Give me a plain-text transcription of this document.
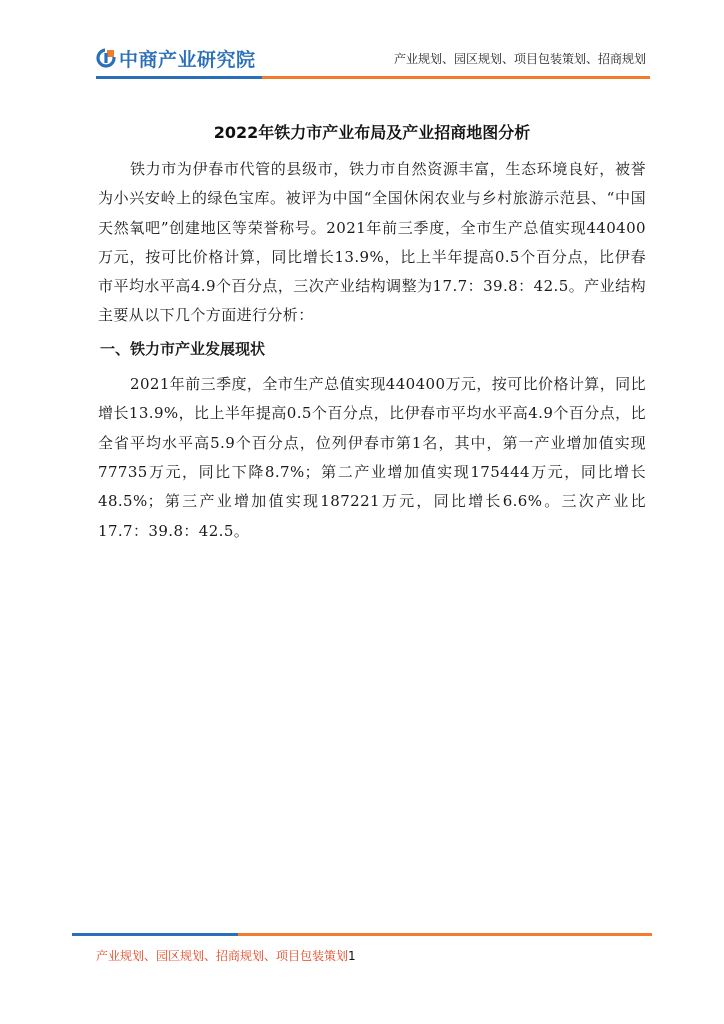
中商产业研究院	产业规划、园区规划、项目包装策划、招商规划
2022年铁力市产业布局及产业招商地图分析

铁力市为伊春市代管的县级市，铁力市自然资源丰富，生态环境良好，被誉为小兴安岭上的绿色宝库。被评为中国“全国休闲农业与乡村旅游示范县、“中国天然氧吧”创建地区等荣誉称号。2021年前三季度，全市生产总值实现440400万元，按可比价格计算，同比增长13.9%，比上半年提高0.5个百分点，比伊春市平均水平高4.9个百分点，三次产业结构调整为17.7：39.8：42.5。产业结构主要从以下几个方面进行分析：

一、铁力市产业发展现状

2021年前三季度，全市生产总值实现440400万元，按可比价格计算，同比增长13.9%，比上半年提高0.5个百分点，比伊春市平均水平高4.9个百分点，比全省平均水平高5.9个百分点，位列伊春市第1名，其中，第一产业增加值实现77735万元，同比下降8.7%；第二产业增加值实现175444万元，同比增长48.5%；第三产业增加值实现187221万元，同比增长6.6%。三次产业比17.7：39.8：42.5。

产业规划、园区规划、招商规划、项目包装策划1
